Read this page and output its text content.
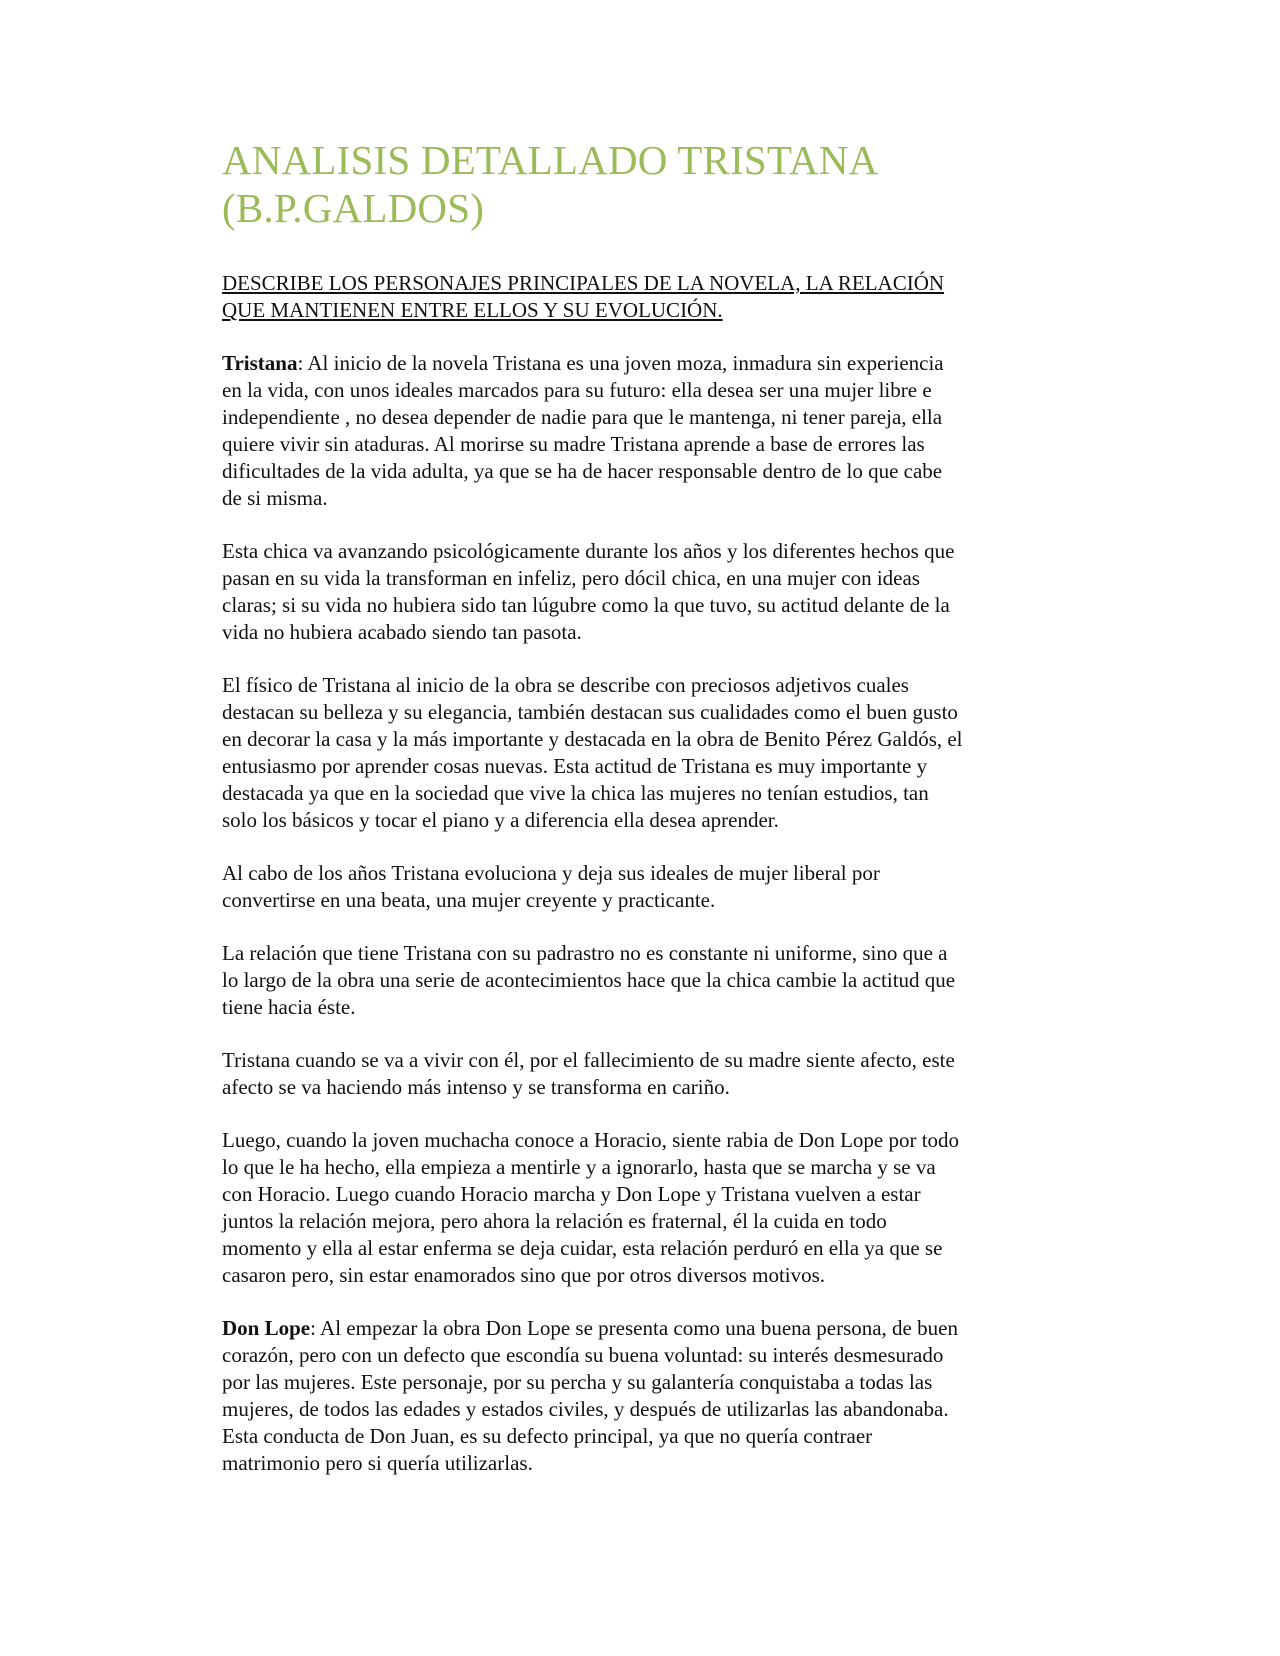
ANALISIS DETALLADO TRISTANA
(B.P.GALDOS)

DESCRIBE LOS PERSONAJES PRINCIPALES DE LA NOVELA, LA RELACIÓN
QUE MANTIENEN ENTRE ELLOS Y SU EVOLUCIÓN.

Tristana: Al inicio de la novela Tristana es una joven moza, inmadura sin experiencia
en la vida, con unos ideales marcados para su futuro: ella desea ser una mujer libre e
independiente , no desea depender de nadie para que le mantenga, ni tener pareja, ella
quiere vivir sin ataduras. Al morirse su madre Tristana aprende a base de errores las
dificultades de la vida adulta, ya que se ha de hacer responsable dentro de lo que cabe
de si misma.

Esta chica va avanzando psicológicamente durante los años y los diferentes hechos que
pasan en su vida la transforman en infeliz, pero dócil chica, en una mujer con ideas
claras; si su vida no hubiera sido tan lúgubre como la que tuvo, su actitud delante de la
vida no hubiera acabado siendo tan pasota.

El físico de Tristana al inicio de la obra se describe con preciosos adjetivos cuales
destacan su belleza y su elegancia, también destacan sus cualidades como el buen gusto
en decorar la casa y la más importante y destacada en la obra de Benito Pérez Galdós, el
entusiasmo por aprender cosas nuevas. Esta actitud de Tristana es muy importante y
destacada ya que en la sociedad que vive la chica las mujeres no tenían estudios, tan
solo los básicos y tocar el piano y a diferencia ella desea aprender.

Al cabo de los años Tristana evoluciona y deja sus ideales de mujer liberal por
convertirse en una beata, una mujer creyente y practicante.

La relación que tiene Tristana con su padrastro no es constante ni uniforme, sino que a
lo largo de la obra una serie de acontecimientos hace que la chica cambie la actitud que
tiene hacia éste.

Tristana cuando se va a vivir con él, por el fallecimiento de su madre siente afecto, este
afecto se va haciendo más intenso y se transforma en cariño.

Luego, cuando la joven muchacha conoce a Horacio, siente rabia de Don Lope por todo
lo que le ha hecho, ella empieza a mentirle y a ignorarlo, hasta que se marcha y se va
con Horacio. Luego cuando Horacio marcha y Don Lope y Tristana vuelven a estar
juntos la relación mejora, pero ahora la relación es fraternal, él la cuida en todo
momento y ella al estar enferma se deja cuidar, esta relación perduró en ella ya que se
casaron pero, sin estar enamorados sino que por otros diversos motivos.

Don Lope: Al empezar la obra Don Lope se presenta como una buena persona, de buen
corazón, pero con un defecto que escondía su buena voluntad: su interés desmesurado
por las mujeres. Este personaje, por su percha y su galantería conquistaba a todas las
mujeres, de todos las edades y estados civiles, y después de utilizarlas las abandonaba.
Esta conducta de Don Juan, es su defecto principal, ya que no quería contraer
matrimonio pero si quería utilizarlas.
